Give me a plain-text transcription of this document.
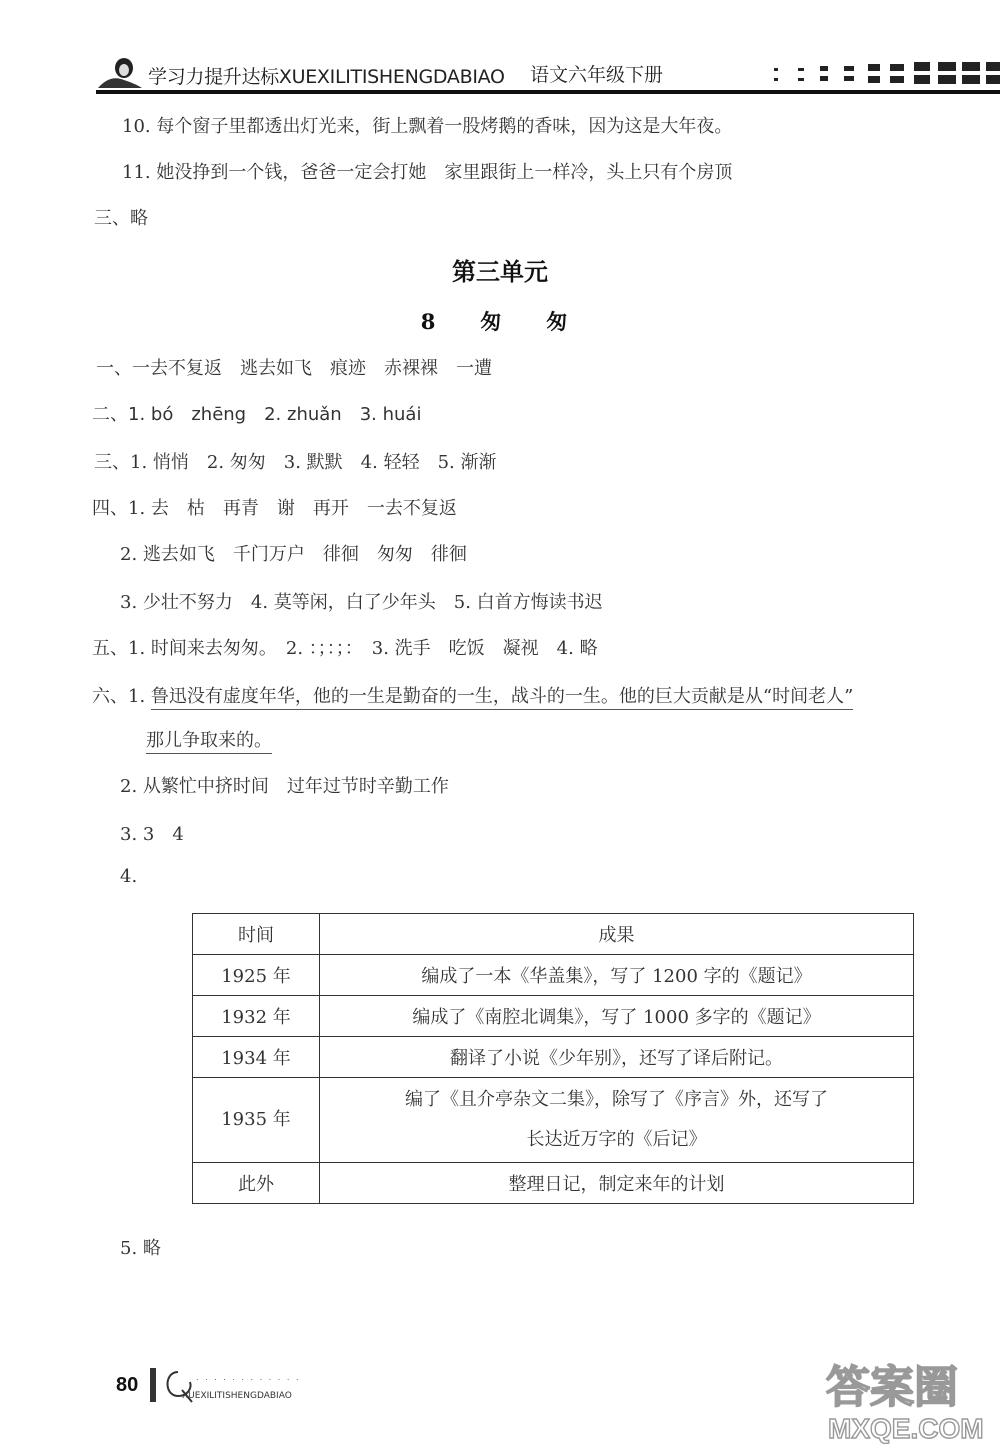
学习力提升达标XUEXILITISHENGDABIAO 语文六年级下册
10. 每个窗子里都透出灯光来，街上飘着一股烤鹅的香味，因为这是大年夜。
11. 她没挣到一个钱，爸爸一定会打她　家里跟街上一样冷，头上只有个房顶
三、略
第三单元
8　匆　匆
一、一去不复返　逃去如飞　痕迹　赤裸裸　一遭
二、1. bó　zhēng　2. zhuǎn　3. huái
三、1. 悄悄　2. 匆匆　3. 默默　4. 轻轻　5. 渐渐
四、1. 去　枯　再青　谢　再开　一去不复返
2. 逃去如飞　千门万户　徘徊　匆匆　徘徊
3. 少壮不努力　4. 莫等闲，白了少年头　5. 白首方悔读书迟
五、1. 时间来去匆匆。　2. ：；：；：　3. 洗手　吃饭　凝视　4. 略
六、1. 鲁迅没有虚度年华，他的一生是勤奋的一生，战斗的一生。他的巨大贡献是从“时间老人”
那儿争取来的。
2. 从繁忙中挤时间　过年过节时辛勤工作
3. 3　4
4.
时间	成果
1925 年	编成了一本《华盖集》，写了 1200 字的《题记》
1932 年	编成了《南腔北调集》，写了 1000 多字的《题记》
1934 年	翻译了小说《少年别》，还写了译后附记。
1935 年	编了《且介亭杂文二集》，除写了《序言》外，还写了
长达近万字的《后记》

此外	整理日记，制定来年的计划
5. 略
80	. . . . . . . . . . . .
XUEXILITISHENGDABIAO	答案圈
MXQE.COM
